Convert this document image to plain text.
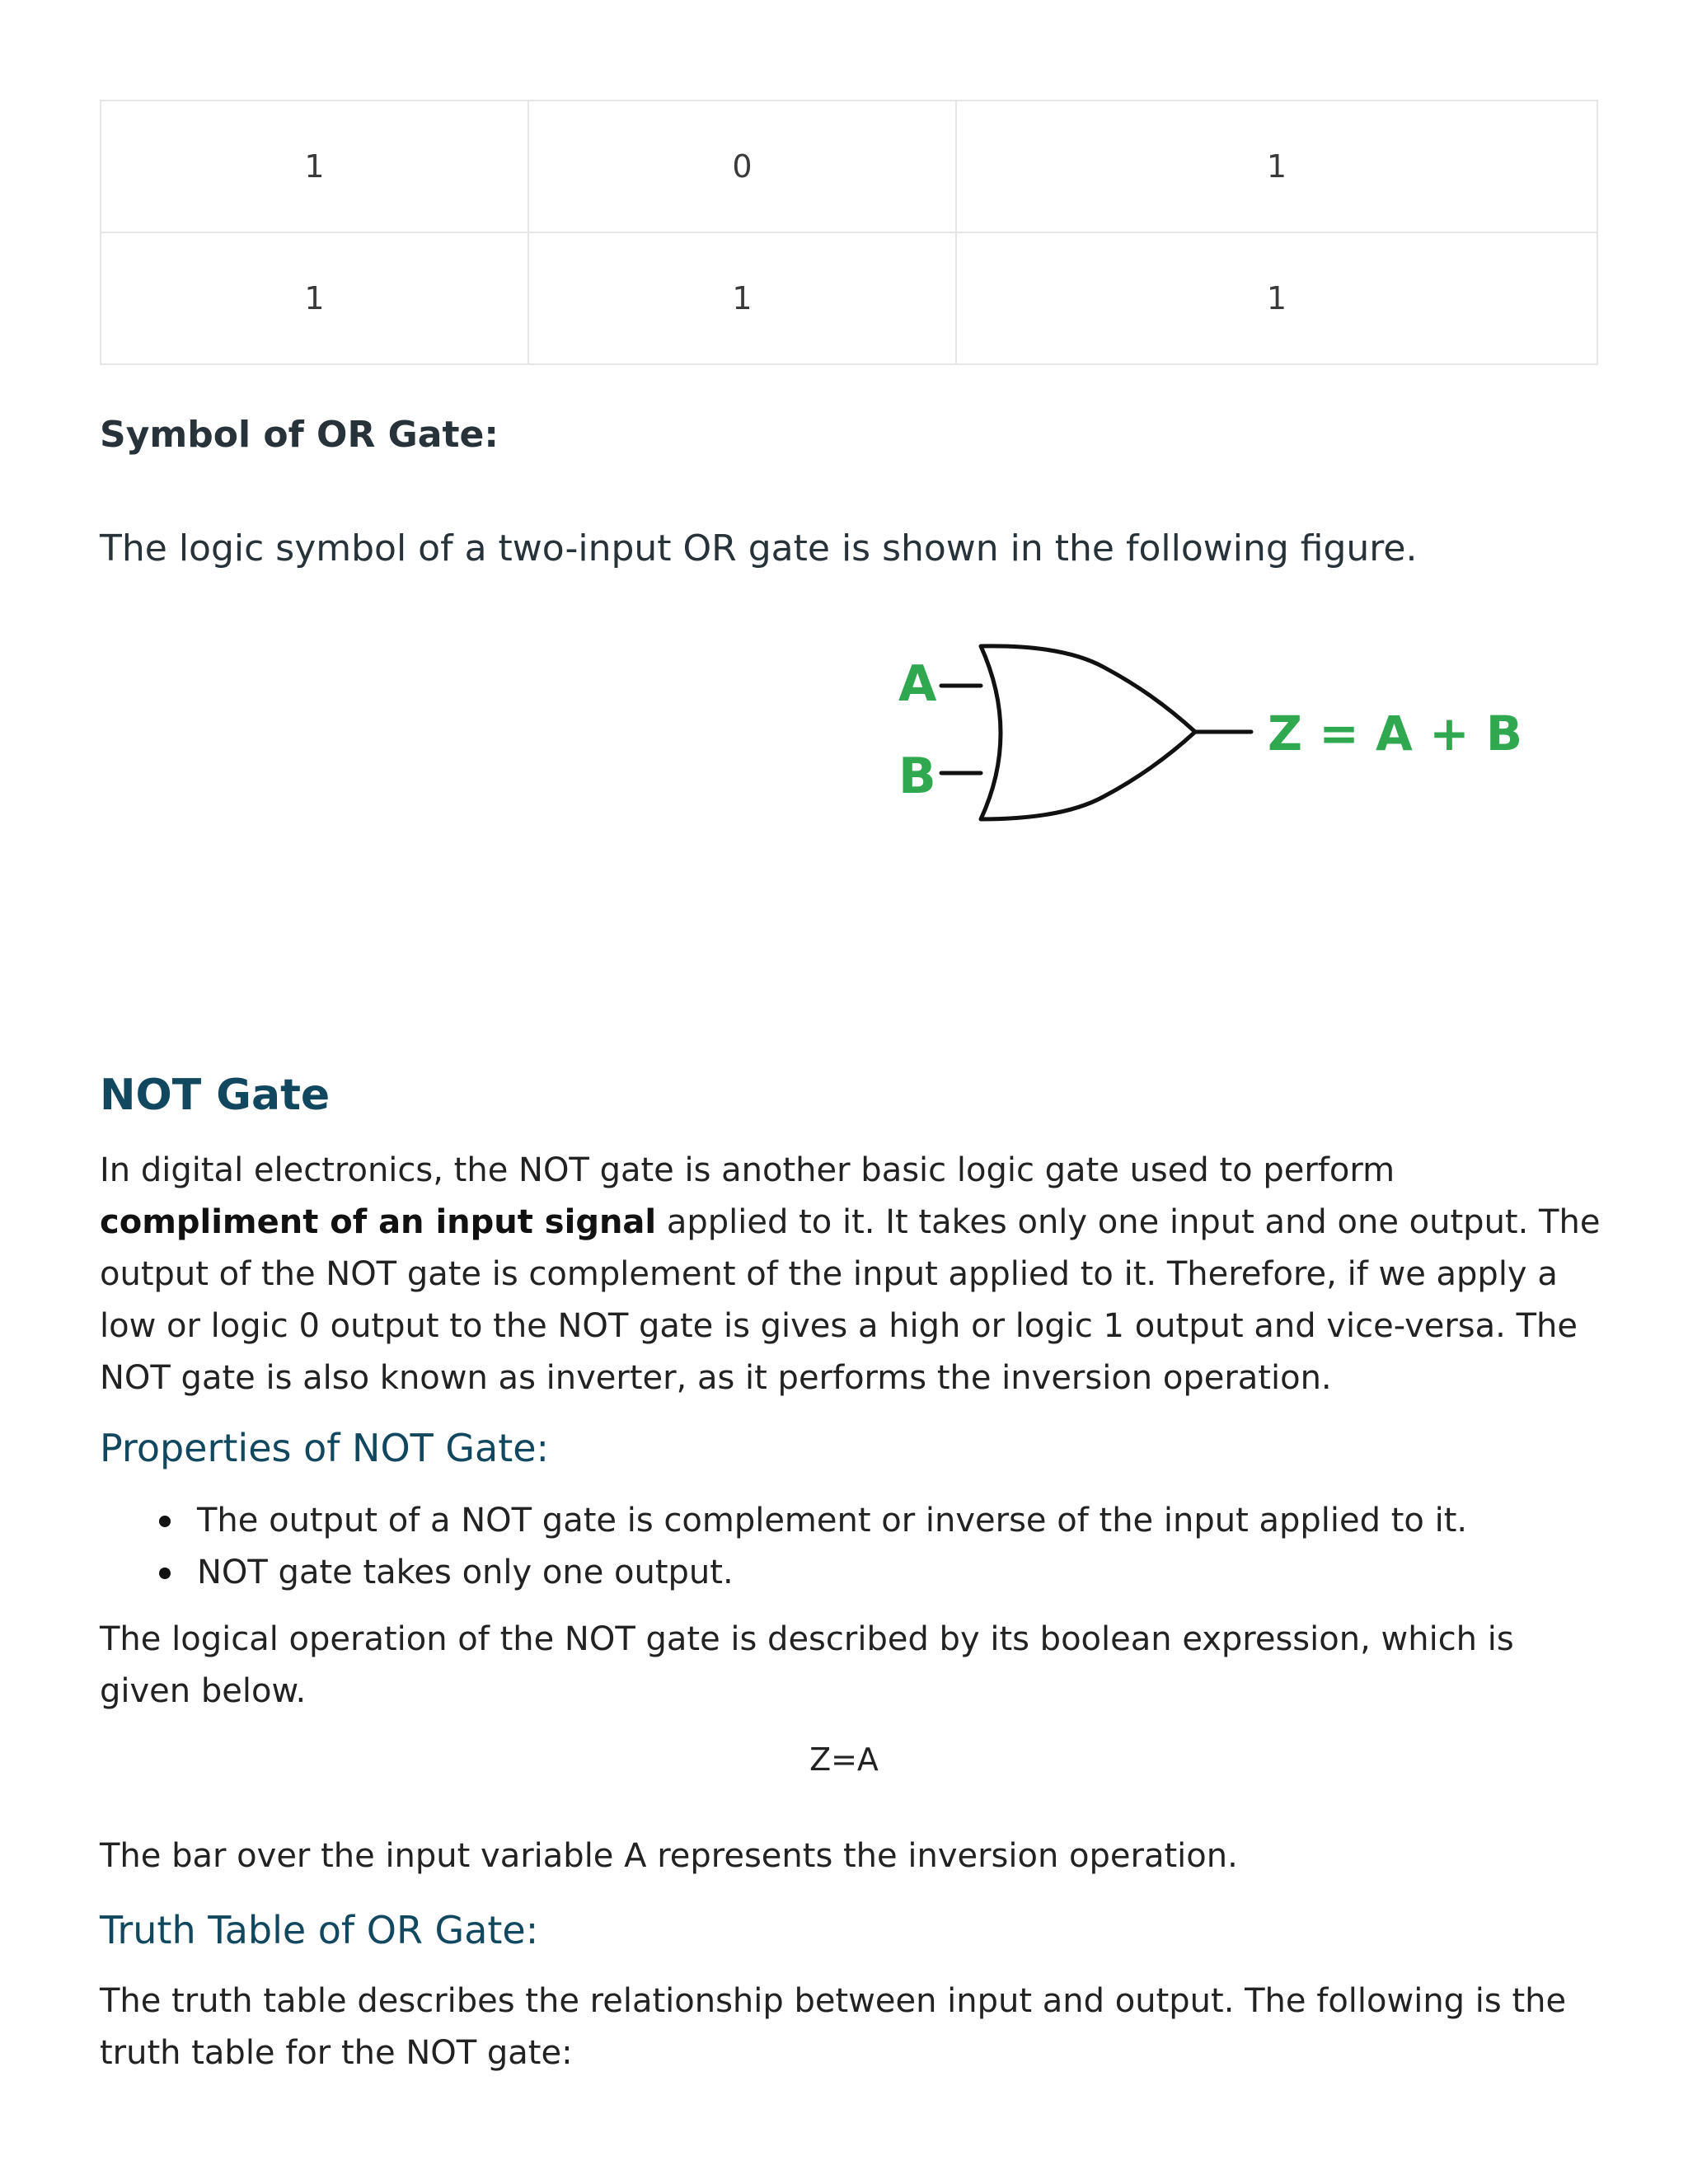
1	0	1
1	1	1
Symbol of OR Gate:

The logic symbol of a two-input OR gate is shown in the following figure.

A
B
Z = A + B
NOT Gate

In digital electronics, the NOT gate is another basic logic gate used to perform compliment of an input signal applied to it. It takes only one input and one output. The output of the NOT gate is complement of the input applied to it. Therefore, if we apply a low or logic 0 output to the NOT gate is gives a high or logic 1 output and vice-versa. The NOT gate is also known as inverter, as it performs the inversion operation.

Properties of NOT Gate:
The output of a NOT gate is complement or inverse of the input applied to it.
NOT gate takes only one output.

The logical operation of the NOT gate is described by its boolean expression, which is given below.

Z=A

The bar over the input variable A represents the inversion operation.

Truth Table of OR Gate:

The truth table describes the relationship between input and output. The following is the truth table for the NOT gate:
